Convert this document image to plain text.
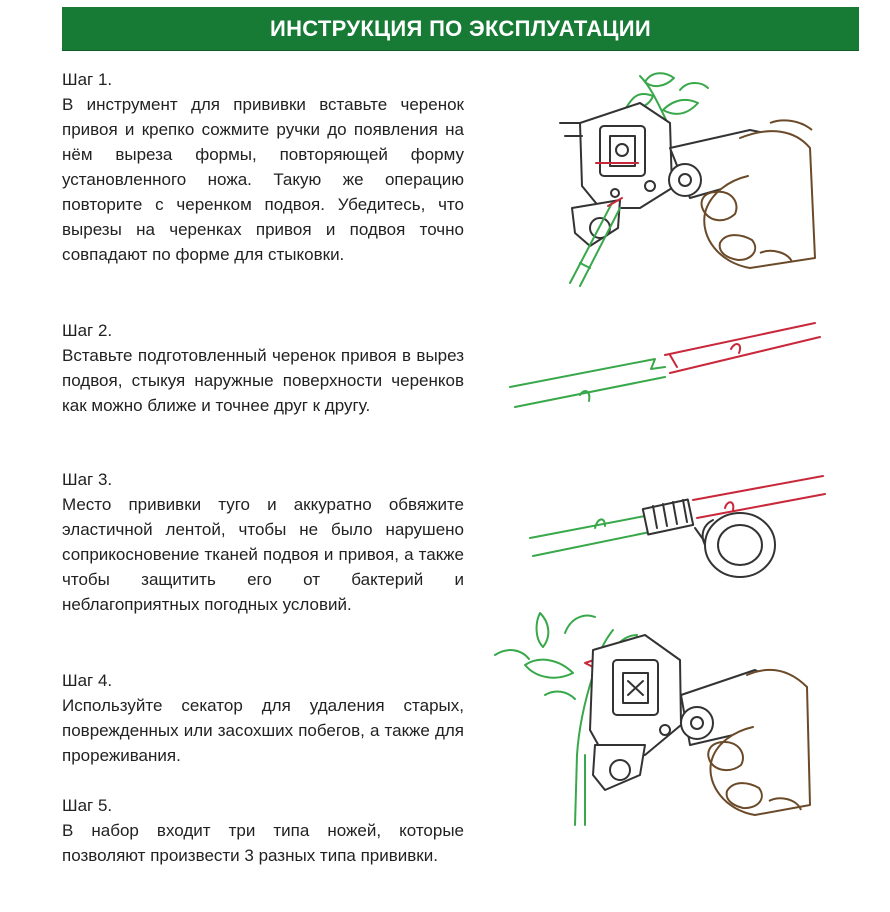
ИНСТРУКЦИЯ ПО ЭКСПЛУАТАЦИИ

Шаг 1.

В инструмент для прививки вставьте черенок привоя и крепко сожмите ручки до появления на нём выреза формы, повторяющей форму установленного ножа. Такую же операцию повторите с черенком подвоя. Убедитесь, что вырезы на черенках привоя и подвоя точно совпадают по форме для стыковки.

Шаг 2.

Вставьте подготовленный черенок привоя в вырез подвоя, стыкуя наружные поверхности черенков как можно ближе и точнее друг к другу.

Шаг 3.

Место прививки туго и аккуратно обвяжите эластичной лентой, чтобы не было нарушено соприкосновение тканей подвоя и привоя, а также чтобы защитить его от бактерий и неблагоприятных погодных условий.

Шаг 4.

Используйте секатор для удаления старых, поврежденных или засохших побегов, а также для прореживания.

Шаг 5.

В набор входит три типа ножей, которые позволяют произвести 3 разных типа прививки.
